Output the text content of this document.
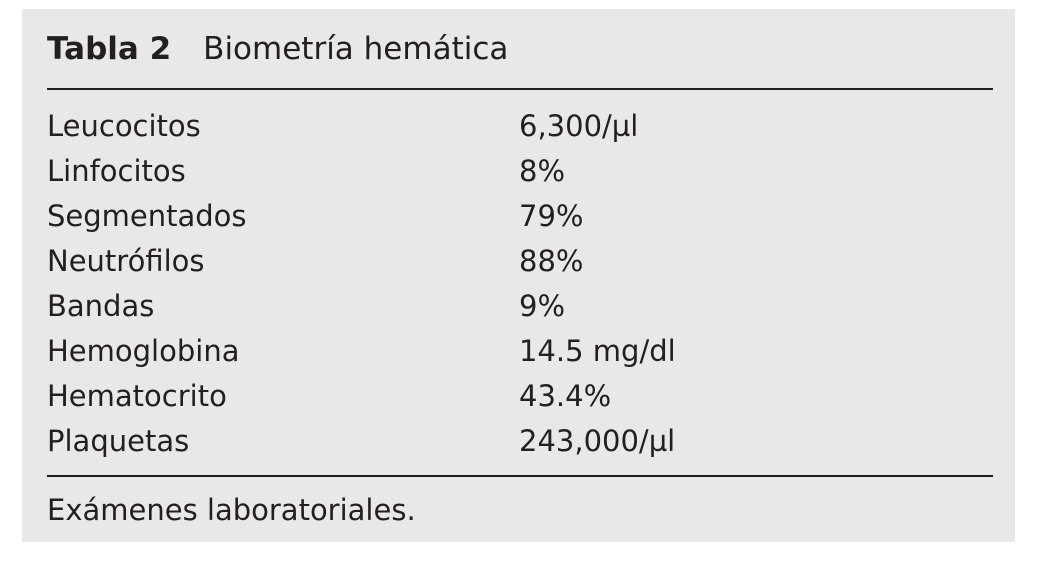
Tabla 2 Biometría hemática
Leucocitos	6,300/µl
Linfocitos	8%
Segmentados	79%
Neutrófilos	88%
Bandas	9%
Hemoglobina	14.5 mg/dl
Hematocrito	43.4%
Plaquetas	243,000/µl
Exámenes laboratoriales.
